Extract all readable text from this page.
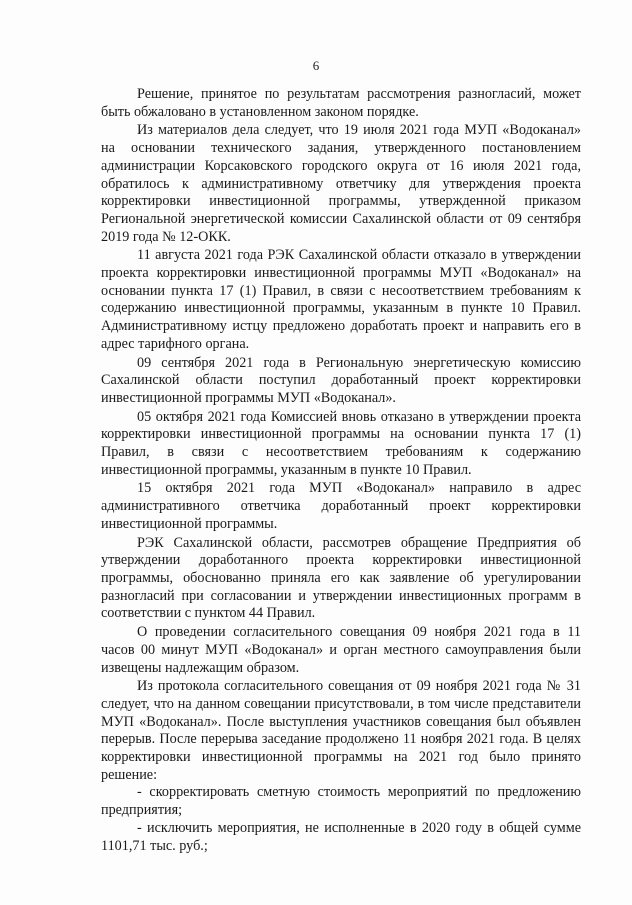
6

Решение, принятое по результатам рассмотрения разногласий, может быть обжаловано в установленном законом порядке.

Из материалов дела следует, что 19 июля 2021 года МУП «Водоканал» на основании технического задания, утвержденного постановлением администрации Корсаковского городского округа от 16 июля 2021 года, обратилось к административному ответчику для утверждения проекта корректировки инвестиционной программы, утвержденной приказом Региональной энергетической комиссии Сахалинской области от 09 сентября 2019 года № 12-ОКК.

11 августа 2021 года РЭК Сахалинской области отказало в утверждении проекта корректировки инвестиционной программы МУП «Водоканал» на основании пункта 17 (1) Правил, в связи с несоответствием требованиям к содержанию инвестиционной программы, указанным в пункте 10 Правил. Административному истцу предложено доработать проект и направить его в адрес тарифного органа.

09 сентября 2021 года в Региональную энергетическую комиссию Сахалинской области поступил доработанный проект корректировки инвестиционной программы МУП «Водоканал».

05 октября 2021 года Комиссией вновь отказано в утверждении проекта корректировки инвестиционной программы на основании пункта 17 (1) Правил, в связи с несоответствием требованиям к содержанию инвестиционной программы, указанным в пункте 10 Правил.

15 октября 2021 года МУП «Водоканал» направило в адрес административного ответчика доработанный проект корректировки инвестиционной программы.

РЭК Сахалинской области, рассмотрев обращение Предприятия об утверждении доработанного проекта корректировки инвестиционной программы, обоснованно приняла его как заявление об урегулировании разногласий при согласовании и утверждении инвестиционных программ в соответствии с пунктом 44 Правил.

О проведении согласительного совещания 09 ноября 2021 года в 11 часов 00 минут МУП «Водоканал» и орган местного самоуправления были извещены надлежащим образом.

Из протокола согласительного совещания от 09 ноября 2021 года № 31 следует, что на данном совещании присутствовали, в том числе представители МУП «Водоканал». После выступления участников совещания был объявлен перерыв. После перерыва заседание продолжено 11 ноября 2021 года. В целях корректировки инвестиционной программы на 2021 год было принято решение:

- скорректировать сметную стоимость мероприятий по предложению предприятия;

- исключить мероприятия, не исполненные в 2020 году в общей сумме 1101,71 тыс. руб.;
